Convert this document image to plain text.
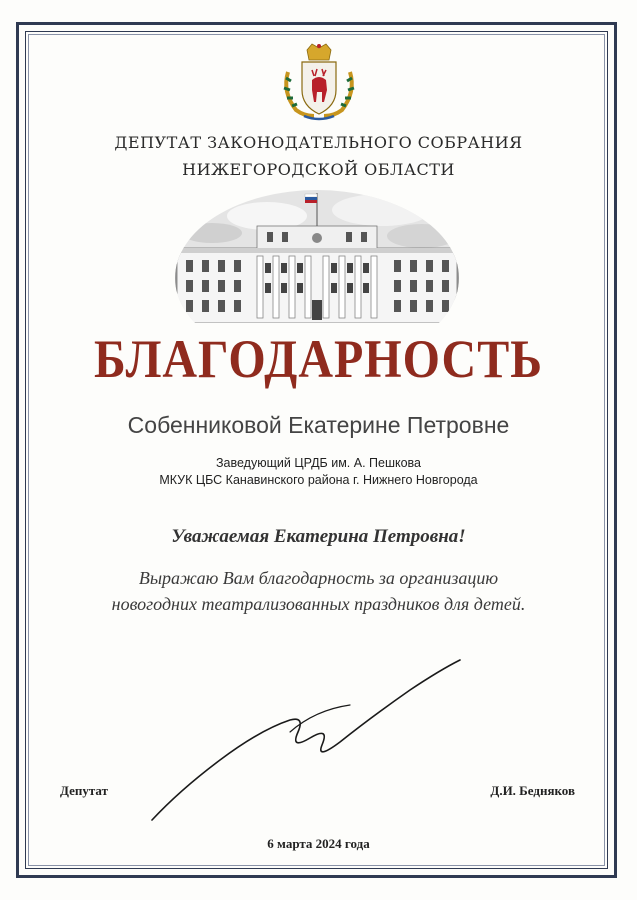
ДЕПУТАТ ЗАКОНОДАТЕЛЬНОГО СОБРАНИЯ
НИЖЕГОРОДСКОЙ ОБЛАСТИ
БЛАГОДАРНОСТЬ
Собенниковой Екатерине Петровне
Заведующий ЦРДБ им. А. Пешкова
МКУК ЦБС Канавинского района г. Нижнего Новгорода
Уважаемая Екатерина Петровна!
Выражаю Вам благодарность за организацию
новогодних театрализованных праздников для детей.
Депутат	Д.И. Бедняков
6 марта 2024 года
